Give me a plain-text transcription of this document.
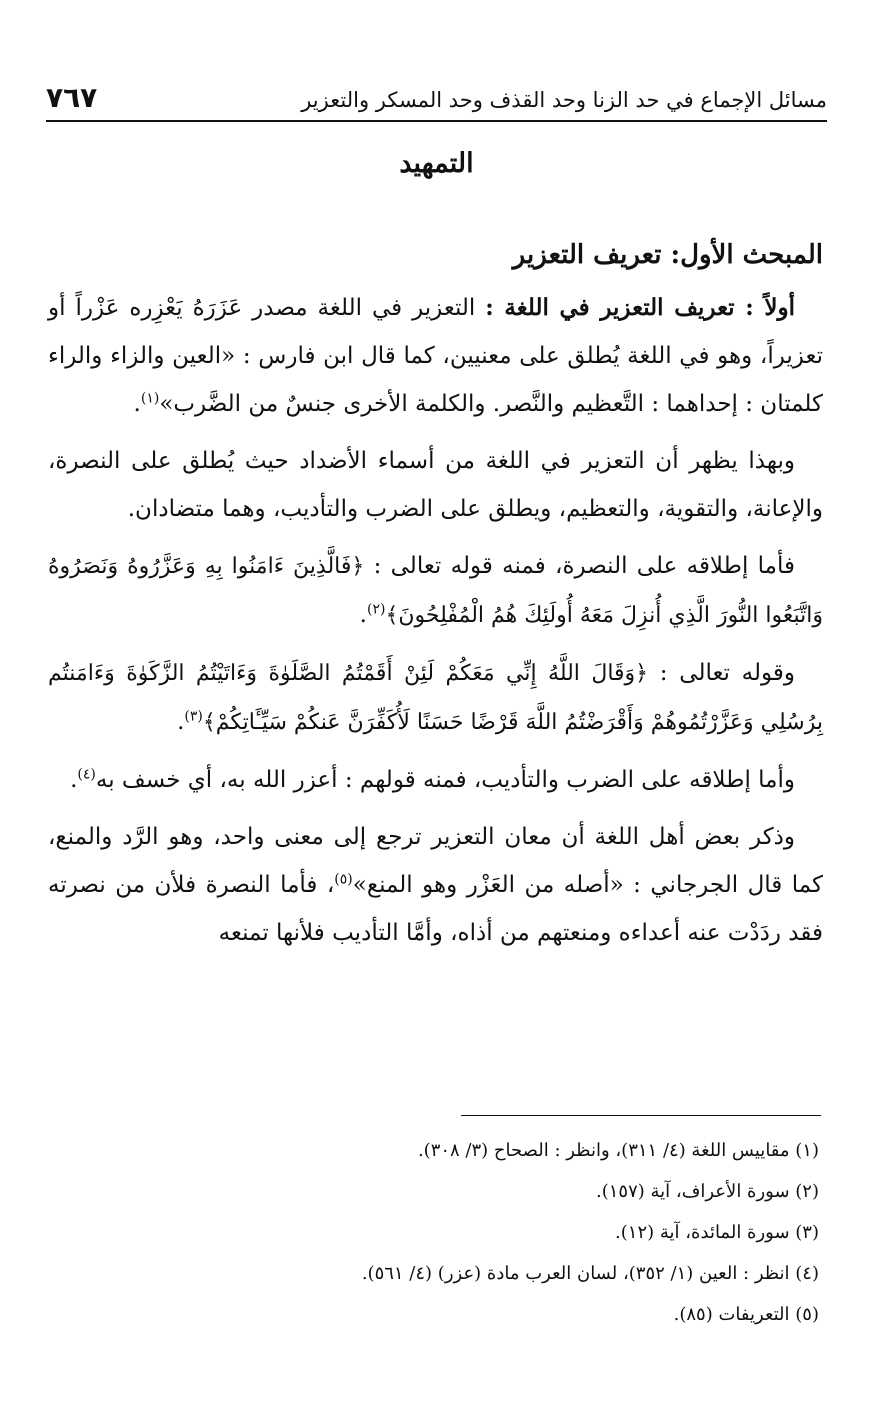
مسائل الإجماع في حد الزنا وحد القذف وحد المسكر والتعزير
٧٦٧
التمهيد
المبحث الأول: تعريف التعزير

أولاً : تعريف التعزير في اللغة : التعزير في اللغة مصدر عَزَرَهُ يَعْزِره عَزْراً أو تعزيراً، وهو في اللغة يُطلق على معنيين، كما قال ابن فارس : «العين والزاء والراء كلمتان : إحداهما : التَّعظيم والنَّصر. والكلمة الأخرى جنسٌ من الضَّرب»$^{(١)}$.

وبهذا يظهر أن التعزير في اللغة من أسماء الأضداد حيث يُطلق على النصرة، والإعانة، والتقوية، والتعظيم، ويطلق على الضرب والتأديب، وهما متضادان.

فأما إطلاقه على النصرة، فمنه قوله تعالى : ﴿فَالَّذِينَ ءَامَنُوا بِهِ وَعَزَّرُوهُ وَنَصَرُوهُ وَاتَّبَعُوا النُّورَ الَّذِي أُنزِلَ مَعَهُ أُولَئِكَ هُمُ الْمُفْلِحُونَ﴾$^{(٢)}$.

وقوله تعالى : ﴿وَقَالَ اللَّهُ إِنِّي مَعَكُمْ لَئِنْ أَقَمْتُمُ الصَّلَوٰةَ وَءَاتَيْتُمُ الزَّكَوٰةَ وَءَامَنتُم بِرُسُلِي وَعَزَّرْتُمُوهُمْ وَأَقْرَضْتُمُ اللَّهَ قَرْضًا حَسَنًا لَأُكَفِّرَنَّ عَنكُمْ سَيِّـَٔاتِكُمْ﴾$^{(٣)}$.

وأما إطلاقه على الضرب والتأديب، فمنه قولهم : أعزر الله به، أي خسف به$^{(٤)}$.

وذكر بعض أهل اللغة أن معان التعزير ترجع إلى معنى واحد، وهو الرَّد والمنع، كما قال الجرجاني : «أصله من العَزْر وهو المنع»$^{(٥)}$، فأما النصرة فلأن من نصرته فقد ردَدْت عنه أعداءه ومنعتهم من أذاه، وأمَّا التأديب فلأنها تمنعه

(١) مقاييس اللغة (٤/ ٣١١)، وانظر : الصحاح (٣/ ٣٠٨).
(٢) سورة الأعراف، آية (١٥٧).
(٣) سورة المائدة، آية (١٢).
(٤) انظر : العين (١/ ٣٥٢)، لسان العرب مادة (عزر) (٤/ ٥٦١).
(٥) التعريفات (٨٥).
